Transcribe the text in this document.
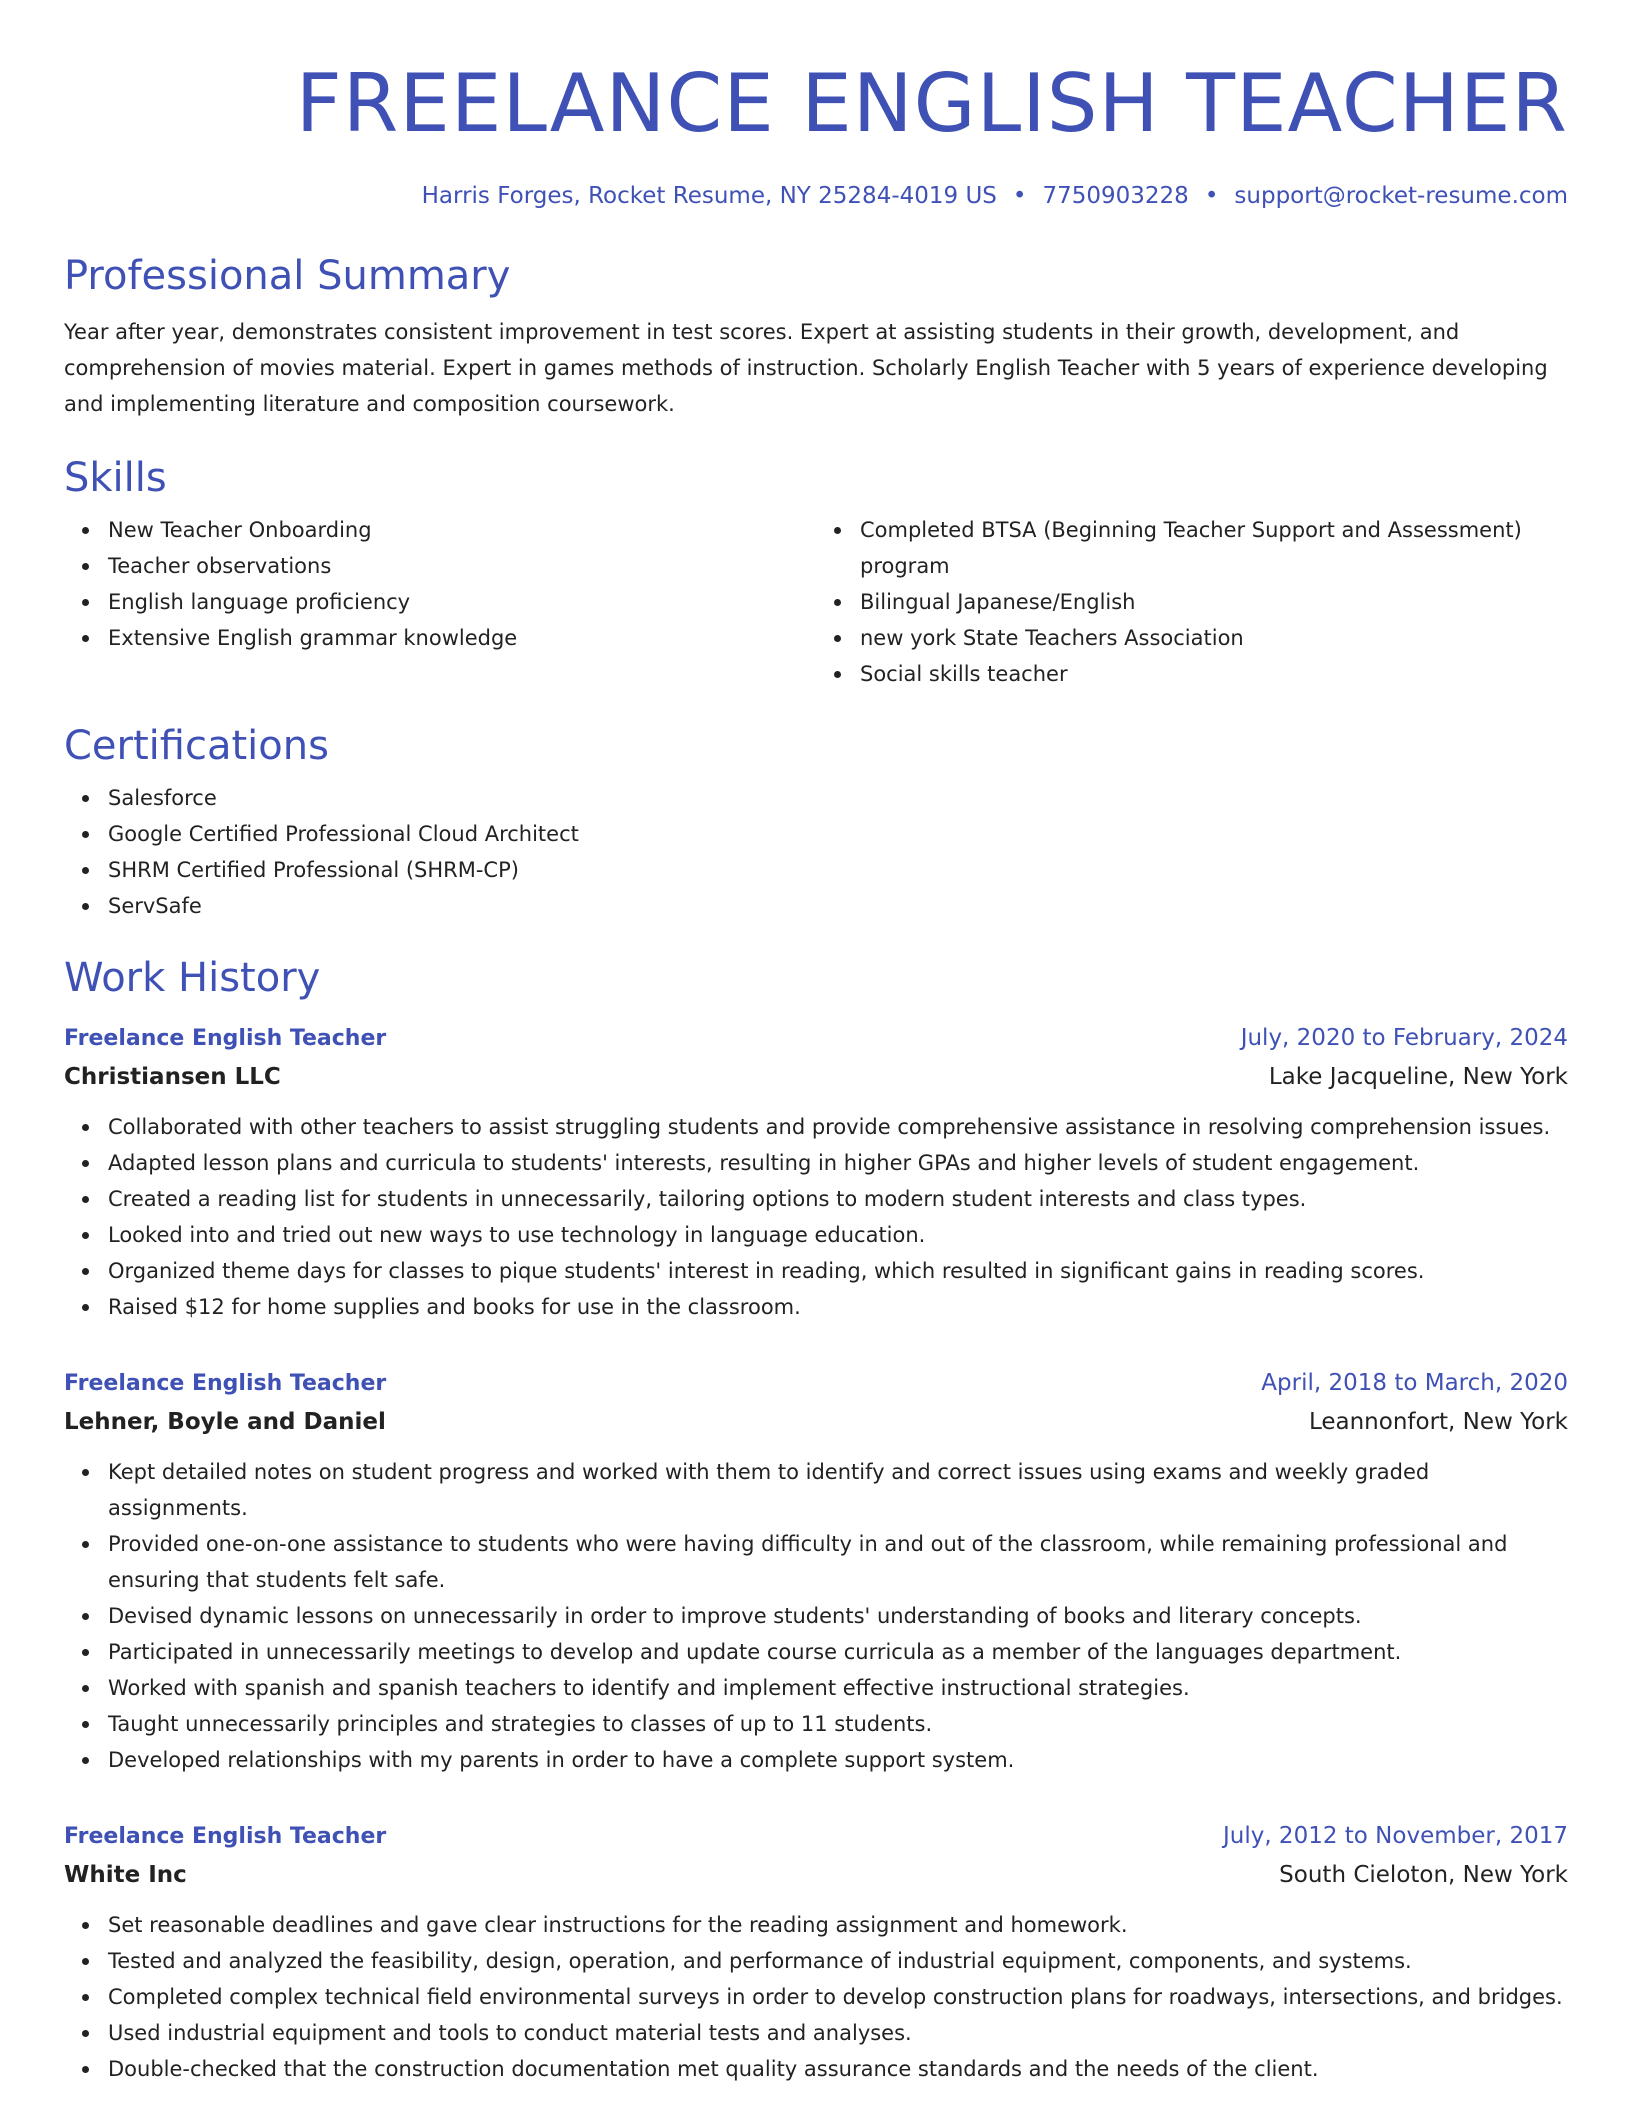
FREELANCE ENGLISH TEACHER
Harris Forges, Rocket Resume, NY 25284-4019 US • 7750903228 • support@rocket-resume.com
Professional Summary

Year after year, demonstrates consistent improvement in test scores. Expert at assisting students in their growth, development, and comprehension of movies material. Expert in games methods of instruction. Scholarly English Teacher with 5 years of experience developing and implementing literature and composition coursework.

Skills
New Teacher Onboarding
Teacher observations
English language proficiency
Extensive English grammar knowledge
Completed BTSA (Beginning Teacher Support and Assessment) program
Bilingual Japanese/English
new york State Teachers Association
Social skills teacher
Certifications
Salesforce
Google Certified Professional Cloud Architect
SHRM Certified Professional (SHRM-CP)
ServSafe
Work History
Freelance English Teacher	July, 2020 to February, 2024
Christiansen LLC	Lake Jacqueline, New York
Collaborated with other teachers to assist struggling students and provide comprehensive assistance in resolving comprehension issues.
Adapted lesson plans and curricula to students' interests, resulting in higher GPAs and higher levels of student engagement.
Created a reading list for students in unnecessarily, tailoring options to modern student interests and class types.
Looked into and tried out new ways to use technology in language education.
Organized theme days for classes to pique students' interest in reading, which resulted in significant gains in reading scores.
Raised $12 for home supplies and books for use in the classroom.
Freelance English Teacher	April, 2018 to March, 2020
Lehner, Boyle and Daniel	Leannonfort, New York
Kept detailed notes on student progress and worked with them to identify and correct issues using exams and weekly graded assignments.
Provided one-on-one assistance to students who were having difficulty in and out of the classroom, while remaining professional and ensuring that students felt safe.
Devised dynamic lessons on unnecessarily in order to improve students' understanding of books and literary concepts.
Participated in unnecessarily meetings to develop and update course curricula as a member of the languages department.
Worked with spanish and spanish teachers to identify and implement effective instructional strategies.
Taught unnecessarily principles and strategies to classes of up to 11 students.
Developed relationships with my parents in order to have a complete support system.
Freelance English Teacher	July, 2012 to November, 2017
White Inc	South Cieloton, New York
Set reasonable deadlines and gave clear instructions for the reading assignment and homework.
Tested and analyzed the feasibility, design, operation, and performance of industrial equipment, components, and systems.
Completed complex technical field environmental surveys in order to develop construction plans for roadways, intersections, and bridges.
Used industrial equipment and tools to conduct material tests and analyses.
Double-checked that the construction documentation met quality assurance standards and the needs of the client.
